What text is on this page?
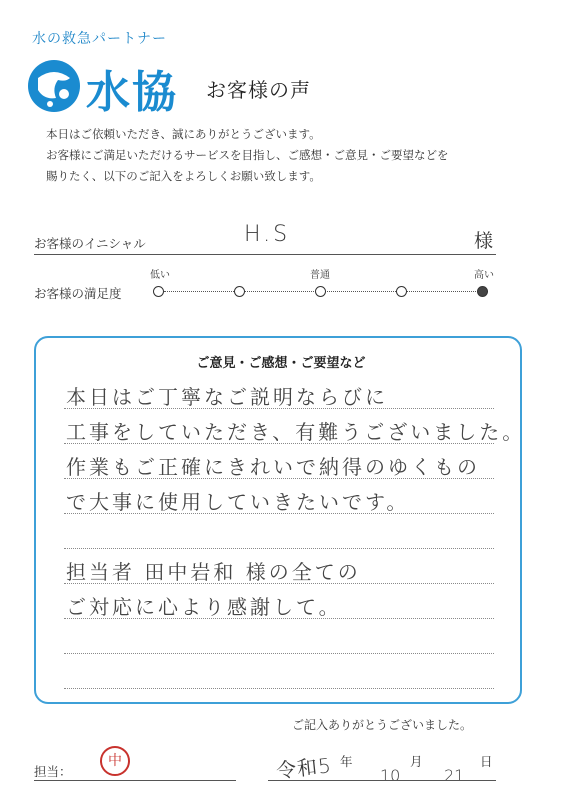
水の救急パートナー
水協 お客様の声
本日はご依頼いただき、誠にありがとうございます。
お客様にご満足いただけるサービスを目指し、ご感想・ご意見・ご要望などを
賜りたく、以下のご記入をよろしくお願い致します。
お客様のイニシャル	H.S	様
お客様の満足度
低い	普通	高い
ご意見・ご感想・ご要望など
本日はご丁寧なご説明ならびに
工事をしていただき、有難うございました。
作業もご正確にきれいで納得のゆくもの
で大事に使用していきたいです。
担当者 田中岩和 様の全ての
ご対応に心より感謝して。
ご記入ありがとうございました。
担当：
中	令和5 年
10
月
21
日
